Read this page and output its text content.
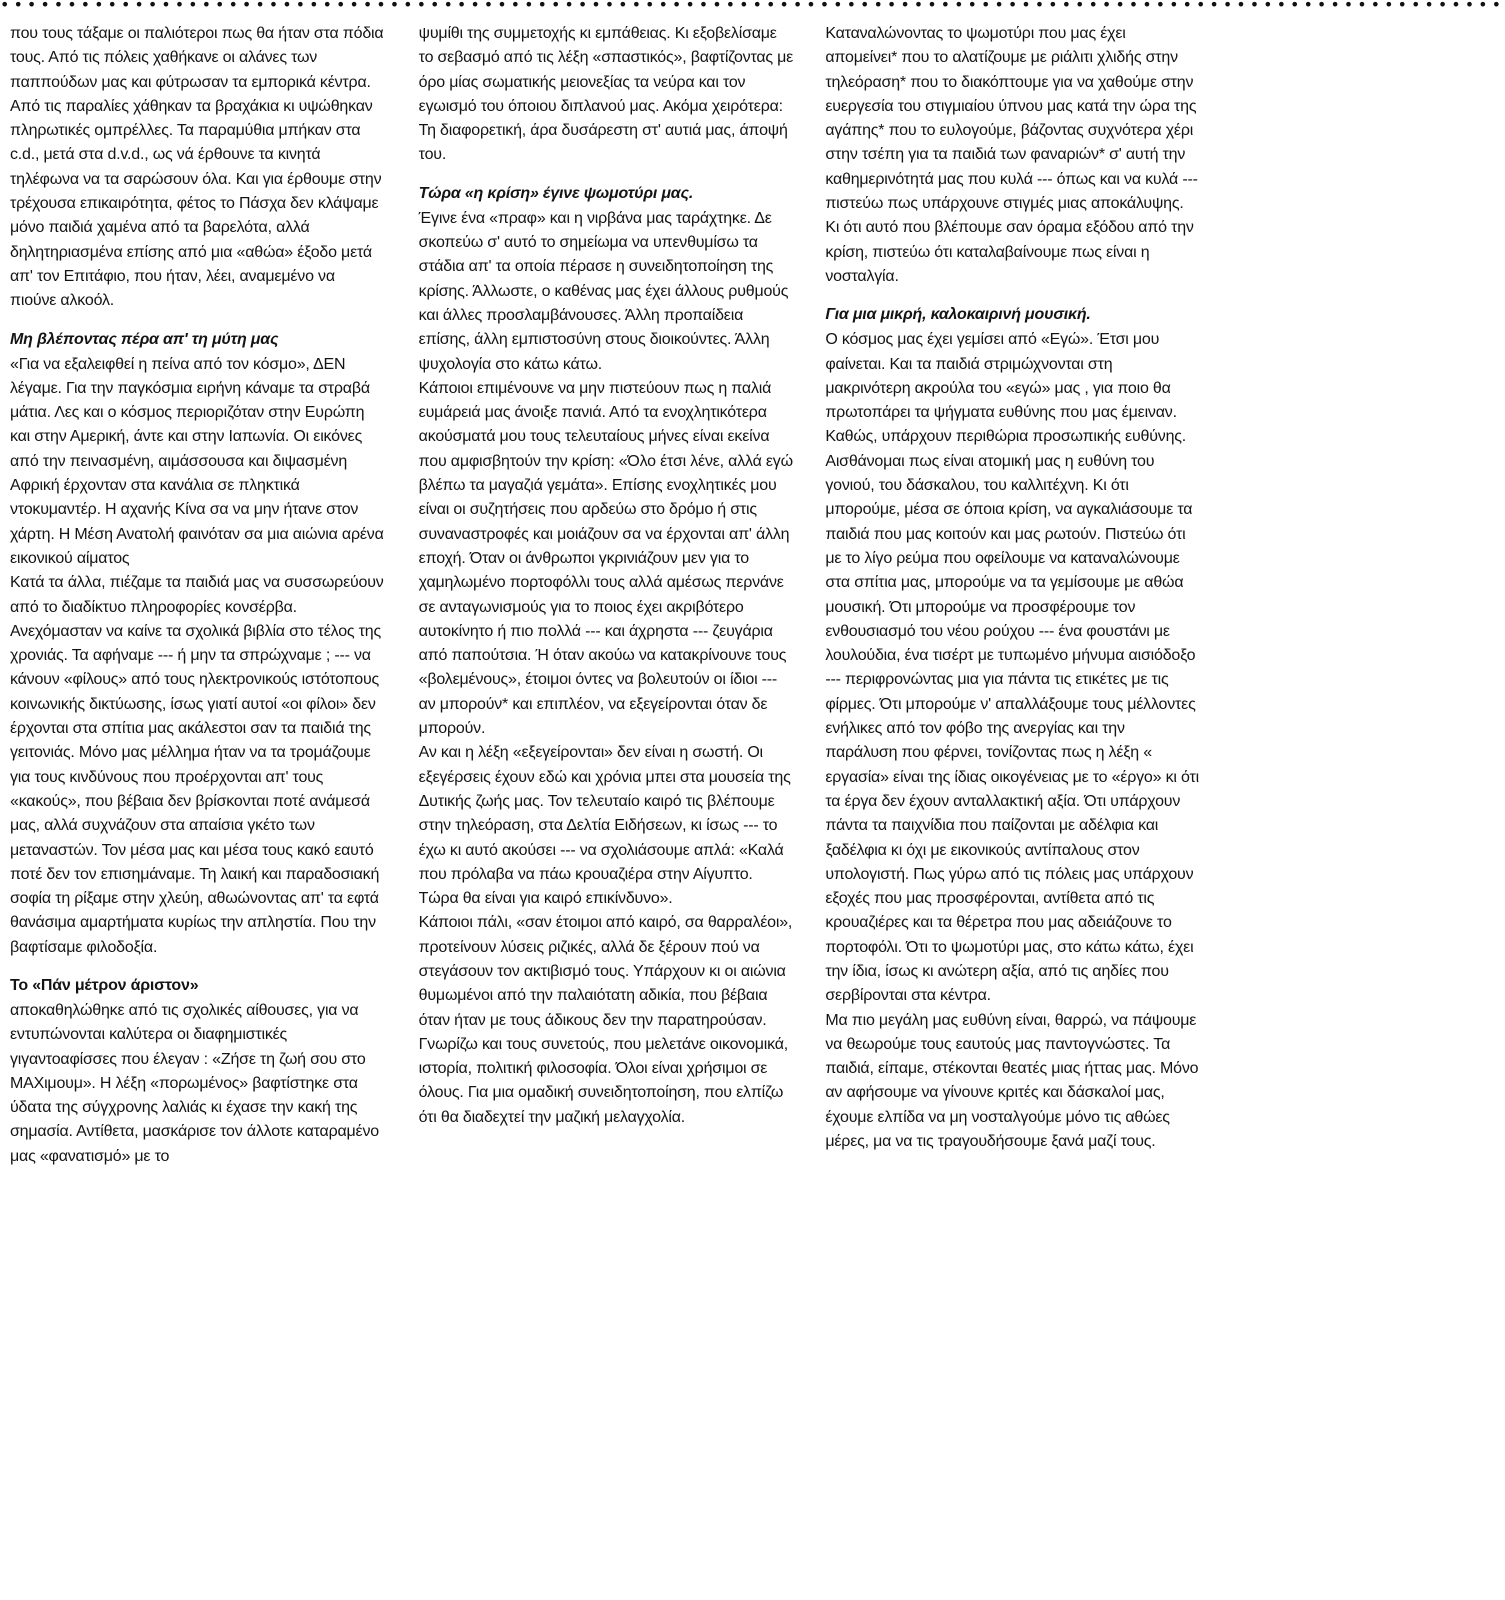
••••••••••••••••••••••••••••••••••••••••••••••••••••••••••••••••••••••••••••••••••••••••••••••••••••••••••••••••

που τους τάξαμε οι παλιότεροι πως θα ήταν στα πόδια τους. Από τις πόλεις χαθήκανε οι αλάνες των παππούδων μας και φύτρωσαν τα εμπορικά κέντρα. Από τις παραλίες χάθηκαν τα βραχάκια κι υψώθηκαν πληρωτικές ομπρέλλες. Τα παραμύθια μπήκαν στα c.d., μετά στα d.v.d., ως νά έρθουνε τα κινητά τηλέφωνα να τα σαρώσουν όλα. Και για έρθουμε στην τρέχουσα επικαιρότητα, φέτος το Πάσχα δεν κλάψαμε μόνο παιδιά χαμένα από τα βαρελότα, αλλά δηλητηριασμένα επίσης από μια «αθώα» έξοδο μετά απ' τον Επιτάφιο, που ήταν, λέει, αναμεμένο να πιούνε αλκοόλ.

Μη βλέποντας πέρα απ' τη μύτη μας

«Για να εξαλειφθεί η πείνα από τον κόσμο», ΔΕΝ λέγαμε. Για την παγκόσμια ειρήνη κάναμε τα στραβά μάτια. Λες και ο κόσμος περιοριζόταν στην Ευρώπη και στην Αμερική, άντε και στην Ιαπωνία. Οι εικόνες από την πεινασμένη, αιμάσσουσα και διψασμένη Αφρική έρχονταν στα κανάλια σε πληκτικά ντοκυμαντέρ. Η αχανής Κίνα σα να μην ήτανε στον χάρτη. Η Μέση Ανατολή φαινόταν σα μια αιώνια αρένα εικονικού αίματος

Κατά τα άλλα, πιέζαμε τα παιδιά μας να συσσωρεύουν από το διαδίκτυο πληροφορίες κονσέρβα. Ανεχόμασταν να καίνε τα σχολικά βιβλία στο τέλος της χρονιάς. Τα αφήναμε --- ή μην τα σπρώχναμε ; --- να κάνουν «φίλους» από τους ηλεκτρονικούς ιστότοπους κοινωνικής δικτύωσης, ίσως γιατί αυτοί «οι φίλοι» δεν έρχονται στα σπίτια μας ακάλεστοι σαν τα παιδιά της γειτονιάς. Μόνο μας μέλλημα ήταν να τα τρομάζουμε για τους κινδύνους που προέρχονται απ' τους «κακούς», που βέβαια δεν βρίσκονται ποτέ ανάμεσά μας, αλλά συχνάζουν στα απαίσια γκέτο των μεταναστών. Τον μέσα μας και μέσα τους κακό εαυτό ποτέ δεν τον επισημάναμε. Τη λαική και παραδοσιακή σοφία τη ρίξαμε στην χλεύη, αθωώνοντας απ' τα εφτά θανάσιμα αμαρτήματα κυρίως την απληστία. Που την βαφτίσαμε φιλοδοξία.

Το «Πάν μέτρον άριστον»

αποκαθηλώθηκε από τις σχολικές αίθουσες, για να εντυπώνονται καλύτερα οι διαφημιστικές γιγαντοαφίσσες που έλεγαν : «Ζήσε τη ζωή σου στο ΜΑΧιμουμ». Η λέξη «πορωμένος» βαφτίστηκε στα ύδατα της σύγχρονης λαλιάς κι έχασε την κακή της σημασία. Αντίθετα, μασκάρισε τον άλλοτε καταραμένο μας «φανατισμό» με το

ψυμίθι της συμμετοχής κι εμπάθειας. Κι εξοβελίσαμε το σεβασμό από τις λέξη «σπαστικός», βαφτίζοντας με όρο μίας σωματικής μειονεξίας τα νεύρα και τον εγωισμό του όποιου διπλανού μας. Ακόμα χειρότερα: Τη διαφορετική, άρα δυσάρεστη στ' αυτιά μας, άποψή του.

Τώρα «η κρίση» έγινε ψωμοτύρι μας.

Έγινε ένα «πραφ» και η νιρβάνα μας ταράχτηκε. Δε σκοπεύω σ' αυτό το σημείωμα να υπενθυμίσω τα στάδια απ' τα οποία πέρασε η συνειδητοποίηση της κρίσης. Άλλωστε, ο καθένας μας έχει άλλους ρυθμούς και άλλες προσλαμβάνουσες. Άλλη προπαίδεια επίσης, άλλη εμπιστοσύνη στους διοικούντες. Άλλη ψυχολογία στο κάτω κάτω.

Κάποιοι επιμένουνε να μην πιστεύουν πως η παλιά ευμάρειά μας άνοιξε πανιά. Από τα ενοχλητικότερα ακούσματά μου τους τελευταίους μήνες είναι εκείνα που αμφισβητούν την κρίση: «Όλο έτσι λένε, αλλά εγώ βλέπω τα μαγαζιά γεμάτα». Επίσης ενοχλητικές μου είναι οι συζητήσεις που αρδεύω στο δρόμο ή στις συναναστροφές και μοιάζουν σα να έρχονται απ' άλλη εποχή. Όταν οι άνθρωποι γκρινιάζουν μεν για το χαμηλωμένο πορτοφόλλι τους αλλά αμέσως περνάνε σε ανταγωνισμούς για το ποιος έχει ακριβότερο αυτοκίνητο ή πιο πολλά --- και άχρηστα --- ζευγάρια από παπούτσια. Ή όταν ακούω να κατακρίνουνε τους «βολεμένους», έτοιμοι όντες να βολευτούν οι ίδιοι --- αν μπορούν* και επιπλέον, να εξεγείρονται όταν δε μπορούν.

Αν και η λέξη «εξεγείρονται» δεν είναι η σωστή. Οι εξεγέρσεις έχουν εδώ και χρόνια μπει στα μουσεία της Δυτικής ζωής μας. Τον τελευταίο καιρό τις βλέπουμε στην τηλεόραση, στα Δελτία Ειδήσεων, κι ίσως --- το έχω κι αυτό ακούσει --- να σχολιάσουμε απλά: «Καλά που πρόλαβα να πάω κρουαζιέρα στην Αίγυπτο. Τώρα θα είναι για καιρό επικίνδυνο».

Κάποιοι πάλι, «σαν έτοιμοι από καιρό, σα θαρραλέοι», προτείνουν λύσεις ριζικές, αλλά δε ξέρουν πού να στεγάσουν τον ακτιβισμό τους. Υπάρχουν κι οι αιώνια θυμωμένοι από την παλαιότατη αδικία, που βέβαια όταν ήταν με τους άδικους δεν την παρατηρούσαν. Γνωρίζω και τους συνετούς, που μελετάνε οικονομικά, ιστορία, πολιτική φιλοσοφία. Όλοι είναι χρήσιμοι σε όλους. Για μια ομαδική συνειδητοποίηση, που ελπίζω ότι θα διαδεχτεί την μαζική μελαγχολία.

Καταναλώνοντας το ψωμοτύρι που μας έχει απομείνει* που το αλατίζουμε με ριάλιτι χλιδής στην τηλεόραση* που το διακόπτουμε για να χαθούμε στην ευεργεσία του στιγμιαίου ύπνου μας κατά την ώρα της αγάπης* που το ευλογούμε, βάζοντας συχνότερα χέρι στην τσέπη για τα παιδιά των φαναριών* σ' αυτή την καθημερινότητά μας που κυλά --- όπως και να κυλά --- πιστεύω πως υπάρχουνε στιγμές μιας αποκάλυψης. Κι ότι αυτό που βλέπουμε σαν όραμα εξόδου από την κρίση, πιστεύω ότι καταλαβαίνουμε πως είναι η νοσταλγία.

Για μια μικρή, καλοκαιρινή μουσική.

Ο κόσμος μας έχει γεμίσει από «Εγώ». Έτσι μου φαίνεται. Και τα παιδιά στριμώχνονται στη μακρινότερη ακρούλα του «εγώ» μας , για ποιο θα πρωτοπάρει τα ψήγματα ευθύνης που μας έμειναν.

Καθώς, υπάρχουν περιθώρια προσωπικής ευθύνης. Αισθάνομαι πως είναι ατομική μας η ευθύνη του γονιού, του δάσκαλου, του καλλιτέχνη. Κι ότι μπορούμε, μέσα σε όποια κρίση, να αγκαλιάσουμε τα παιδιά που μας κοιτούν και μας ρωτούν. Πιστεύω ότι με το λίγο ρεύμα που οφείλουμε να καταναλώνουμε στα σπίτια μας, μπορούμε να τα γεμίσουμε με αθώα μουσική. Ότι μπορούμε να προσφέρουμε τον ενθουσιασμό του νέου ρούχου --- ένα φουστάνι με λουλούδια, ένα τισέρτ με τυπωμένο μήνυμα αισιόδοξο --- περιφρονώντας μια για πάντα τις ετικέτες με τις φίρμες. Ότι μπορούμε ν' απαλλάξουμε τους μέλλοντες ενήλικες από τον φόβο της ανεργίας και την παράλυση που φέρνει, τονίζοντας πως η λέξη « εργασία» είναι της ίδιας οικογένειας με το «έργο» κι ότι τα έργα δεν έχουν ανταλλακτική αξία. Ότι υπάρχουν πάντα τα παιχνίδια που παίζονται με αδέλφια και ξαδέλφια κι όχι με εικονικούς αντίπαλους στον υπολογιστή. Πως γύρω από τις πόλεις μας υπάρχουν εξοχές που μας προσφέρονται, αντίθετα από τις κρουαζιέρες και τα θέρετρα που μας αδειάζουνε το πορτοφόλι. Ότι το ψωμοτύρι μας, στο κάτω κάτω, έχει την ίδια, ίσως κι ανώτερη αξία, από τις αηδίες που σερβίρονται στα κέντρα.

Μα πιο μεγάλη μας ευθύνη είναι, θαρρώ, να πάψουμε να θεωρούμε τους εαυτούς μας παντογνώστες. Τα παιδιά, είπαμε, στέκονται θεατές μιας ήττας μας. Μόνο αν αφήσουμε να γίνουνε κριτές και δάσκαλοί μας, έχουμε ελπίδα να μη νοσταλγούμε μόνο τις αθώες μέρες, μα να τις τραγουδήσουμε ξανά μαζί τους.
